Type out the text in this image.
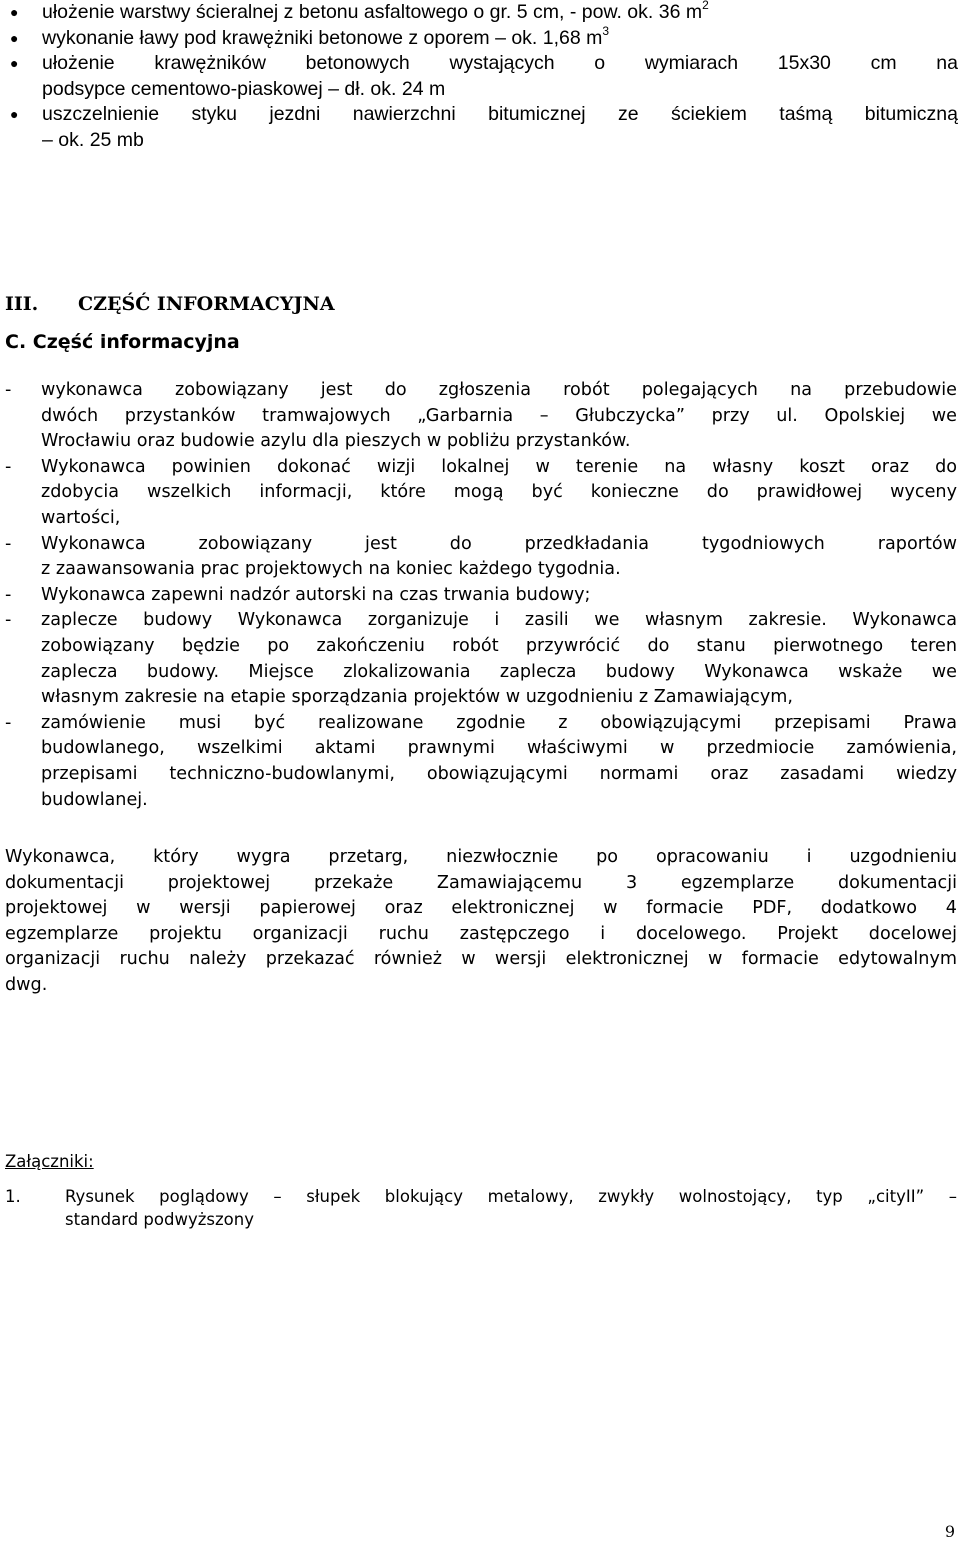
● ułożenie warstwy ścieralnej z betonu asfaltowego o gr. 5 cm, - pow. ok. 36 $m^2$
● wykonanie ławy pod krawężniki betonowe z oporem – ok. 1,68 $m^3$
● ułożenie krawężników betonowych wystających o wymiarach 15x30 cm na
podsypce cementowo-piaskowej – dł. ok. 24 m
● uszczelnienie styku jezdni nawierzchni bitumicznej ze ściekiem taśmą bitumiczną
– ok. 25 mb
III. CZĘŚĆ INFORMACYJNA
C. Część informacyjna
- wykonawca zobowiązany jest do zgłoszenia robót polegających na przebudowie
dwóch przystanków tramwajowych „Garbarnia – Głubczycka” przy ul. Opolskiej we
Wrocławiu oraz budowie azylu dla pieszych w pobliżu przystanków.
- Wykonawca powinien dokonać wizji lokalnej w terenie na własny koszt oraz do
zdobycia wszelkich informacji, które mogą być konieczne do prawidłowej wyceny
wartości,
- Wykonawca zobowiązany jest do przedkładania tygodniowych raportów
z zaawansowania prac projektowych na koniec każdego tygodnia.
- Wykonawca zapewni nadzór autorski na czas trwania budowy;
- zaplecze budowy Wykonawca zorganizuje i zasili we własnym zakresie. Wykonawca
zobowiązany będzie po zakończeniu robót przywrócić do stanu pierwotnego teren
zaplecza budowy. Miejsce zlokalizowania zaplecza budowy Wykonawca wskaże we
własnym zakresie na etapie sporządzania projektów w uzgodnieniu z Zamawiającym,
- zamówienie musi być realizowane zgodnie z obowiązującymi przepisami Prawa
budowlanego, wszelkimi aktami prawnymi właściwymi w przedmiocie zamówienia,
przepisami techniczno-budowlanymi, obowiązującymi normami oraz zasadami wiedzy
budowlanej.
Wykonawca, który wygra przetarg, niezwłocznie po opracowaniu i uzgodnieniu
dokumentacji projektowej przekaże Zamawiającemu 3 egzemplarze dokumentacji
projektowej w wersji papierowej oraz elektronicznej w formacie PDF, dodatkowo 4
egzemplarze projektu organizacji ruchu zastępczego i docelowego. Projekt docelowej
organizacji ruchu należy przekazać również w wersji elektronicznej w formacie edytowalnym
dwg.
Załączniki:
1.	Rysunek poglądowy – słupek blokujący metalowy, zwykły wolnostojący, typ „cityII” –
standard podwyższony
9
